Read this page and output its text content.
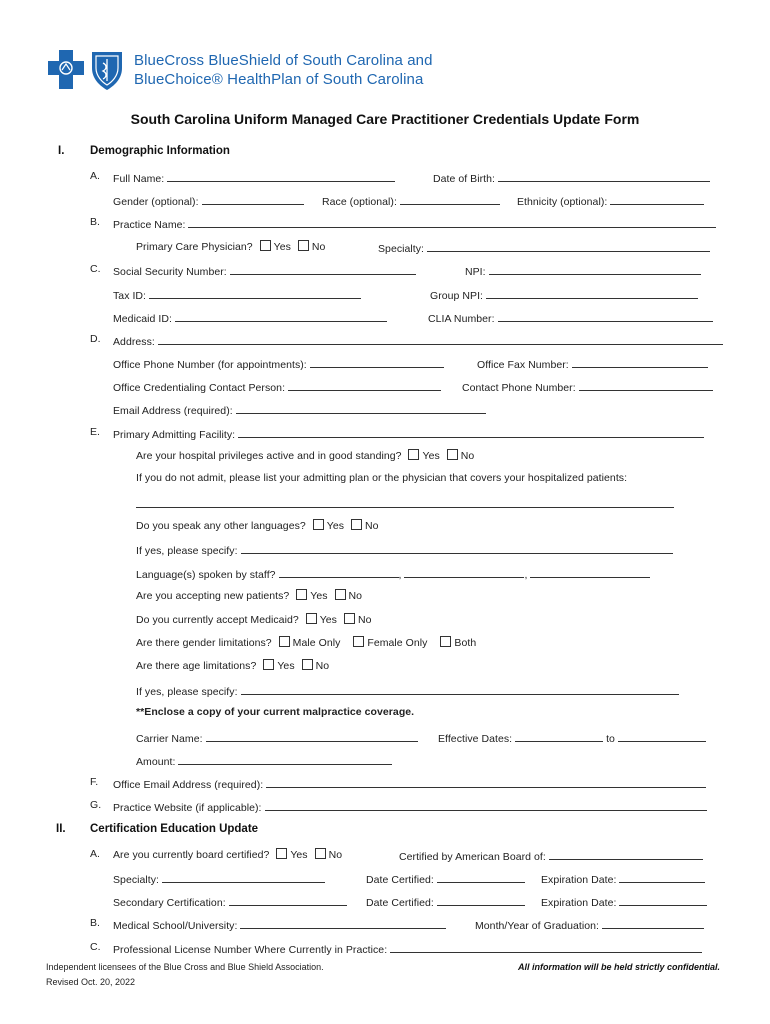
BlueCross BlueShield of South Carolina and
BlueChoice® HealthPlan of South Carolina
South Carolina Uniform Managed Care Practitioner Credentials Update Form
I. Demographic Information
A. Full Name:	Date of Birth:
Gender (optional):	Race (optional):	Ethnicity (optional):
B. Practice Name:
Primary Care Physician? Yes No	Specialty:
C. Social Security Number:	NPI:
Tax ID:	Group NPI:
Medicaid ID:	CLIA Number:
D. Address:
Office Phone Number (for appointments):	Office Fax Number:
Office Credentialing Contact Person:	Contact Phone Number:
Email Address (required):
E. Primary Admitting Facility:
Are your hospital privileges active and in good standing? Yes No
If you do not admit, please list your admitting plan or the physician that covers your hospitalized patients:
Do you speak any other languages? Yes No
If yes, please specify:
Language(s) spoken by staff?	,	,
Are you accepting new patients? Yes No
Do you currently accept Medicaid? Yes No
Are there gender limitations? Male Only	Female Only	Both
Are there age limitations? Yes No
If yes, please specify:
**Enclose a copy of your current malpractice coverage.
Carrier Name:	Effective Dates:	to
Amount:
F. Office Email Address (required):
G. Practice Website (if applicable):
II. Certification Education Update
A. Are you currently board certified? Yes No	Certified by American Board of:
Specialty:	Date Certified:	Expiration Date:
Secondary Certification:	Date Certified:	Expiration Date:
B. Medical School/University:	Month/Year of Graduation:
C. Professional License Number Where Currently in Practice:
Independent licensees of the Blue Cross and Blue Shield Association.
Revised Oct. 20, 2022
All information will be held strictly confidential.
